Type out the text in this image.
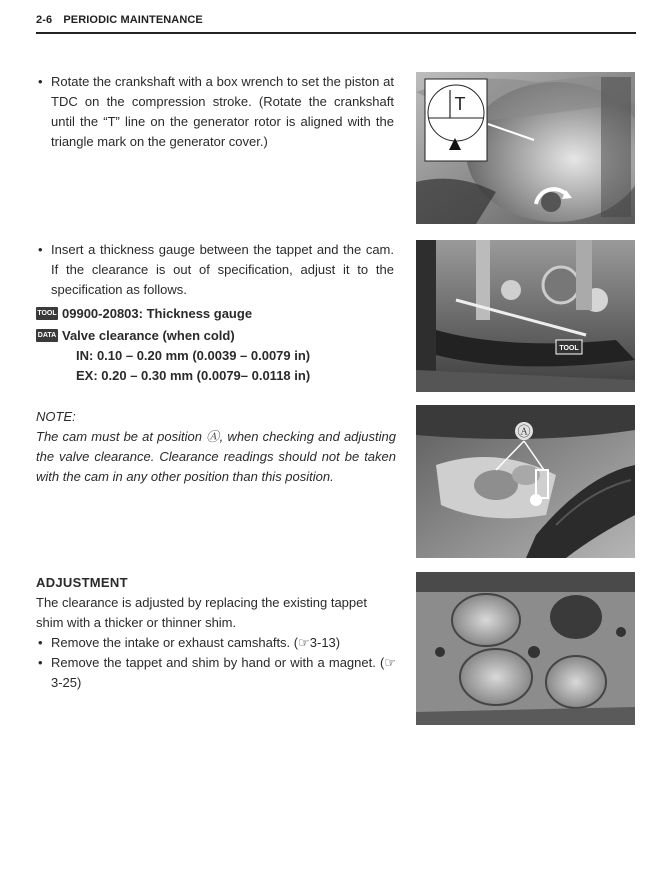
2-6 PERIODIC MAINTENANCE
• Rotate the crankshaft with a box wrench to set the piston at TDC on the compression stroke. (Rotate the crankshaft until the “T” line on the generator rotor is aligned with the triangle mark on the generator cover.)
T
• Insert a thickness gauge between the tappet and the cam. If the clearance is out of specification, adjust it to the specification as follows.
TOOL 09900-20803: Thickness gauge
DATA Valve clearance (when cold)
IN: 0.10 – 0.20 mm (0.0039 – 0.0079 in)
EX: 0.20 – 0.30 mm (0.0079– 0.0118 in)
TOOL
NOTE:
The cam must be at position Ⓐ, when checking and adjusting the valve clearance. Clearance readings should not be taken with the cam in any other position than this position.
Ⓐ
ADJUSTMENT
The clearance is adjusted by replacing the existing tappet shim with a thicker or thinner shim.
• Remove the intake or exhaust camshafts. (☞3-13)
• Remove the tappet and shim by hand or with a magnet. (☞3-25)
